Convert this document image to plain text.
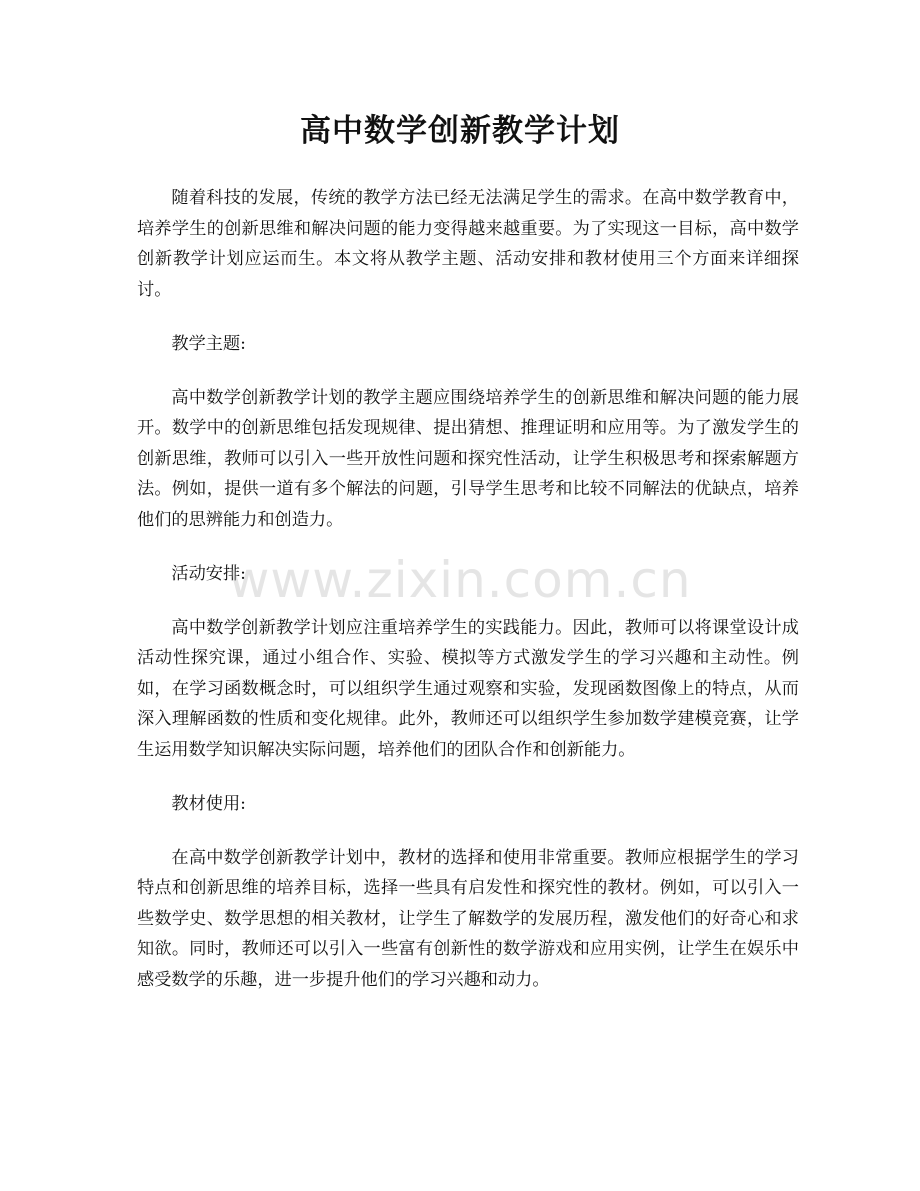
高中数学创新教学计划

随着科技的发展，传统的教学方法已经无法满足学生的需求。在高中数学教育中，培养学生的创新思维和解决问题的能力变得越来越重要。为了实现这一目标，高中数学创新教学计划应运而生。本文将从教学主题、活动安排和教材使用三个方面来详细探讨。

教学主题:

高中数学创新教学计划的教学主题应围绕培养学生的创新思维和解决问题的能力展开。数学中的创新思维包括发现规律、提出猜想、推理证明和应用等。为了激发学生的创新思维，教师可以引入一些开放性问题和探究性活动，让学生积极思考和探索解题方法。例如，提供一道有多个解法的问题，引导学生思考和比较不同解法的优缺点，培养他们的思辨能力和创造力。

活动安排:

高中数学创新教学计划应注重培养学生的实践能力。因此，教师可以将课堂设计成活动性探究课，通过小组合作、实验、模拟等方式激发学生的学习兴趣和主动性。例如，在学习函数概念时，可以组织学生通过观察和实验，发现函数图像上的特点，从而深入理解函数的性质和变化规律。此外，教师还可以组织学生参加数学建模竞赛，让学生运用数学知识解决实际问题，培养他们的团队合作和创新能力。

教材使用:

在高中数学创新教学计划中，教材的选择和使用非常重要。教师应根据学生的学习特点和创新思维的培养目标，选择一些具有启发性和探究性的教材。例如，可以引入一些数学史、数学思想的相关教材，让学生了解数学的发展历程，激发他们的好奇心和求知欲。同时，教师还可以引入一些富有创新性的数学游戏和应用实例，让学生在娱乐中感受数学的乐趣，进一步提升他们的学习兴趣和动力。

www.zixin.com.cn
